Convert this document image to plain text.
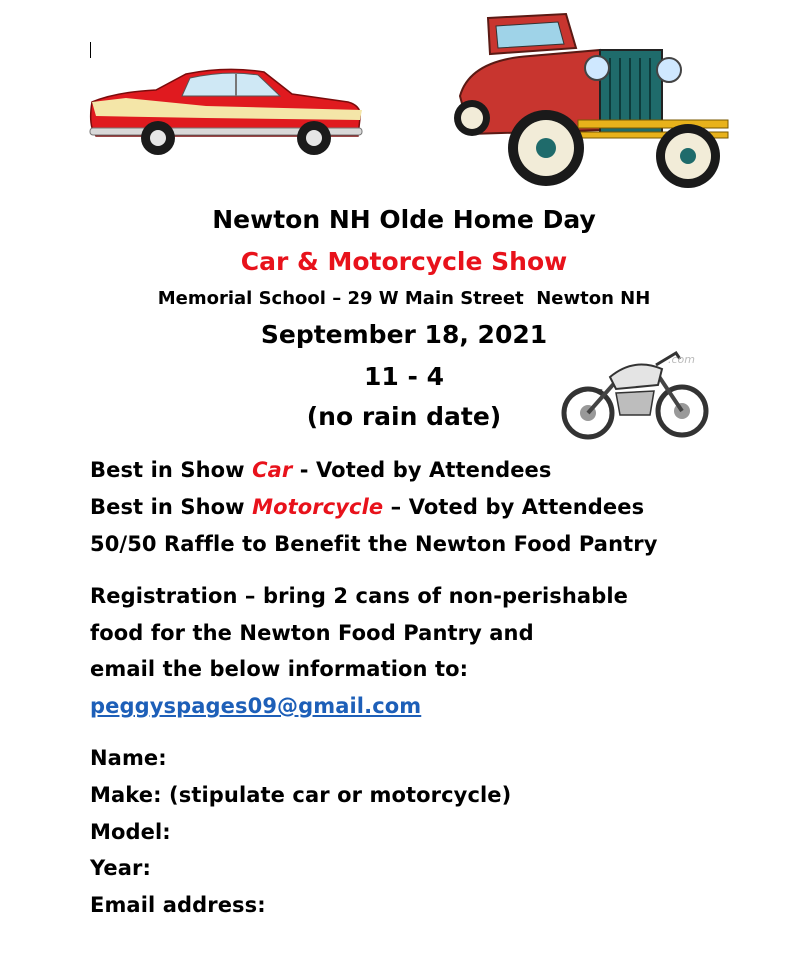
.com
Newton NH Olde Home Day
Car & Motorcycle Show
Memorial School – 29 W Main Street  Newton NH
September 18, 2021
11 - 4
(no rain date)
Best in Show Car - Voted by Attendees
Best in Show Motorcycle – Voted by Attendees
50/50 Raffle to Benefit the Newton Food Pantry
Registration – bring 2 cans of non-perishable
food for the Newton Food Pantry and
email the below information to:
peggyspages09@gmail.com
Name:
Make: (stipulate car or motorcycle)
Model:
Year:
Email address:
